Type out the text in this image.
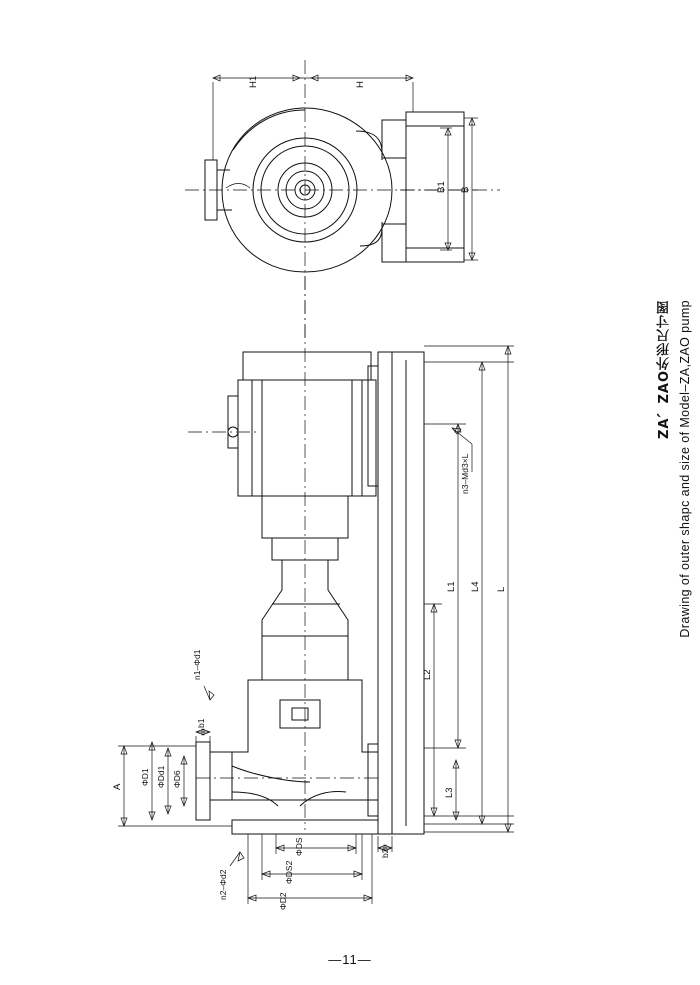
H1	H
B1 B
n3–Md3×L
L2
L1
L3
L4 L
A
ΦD1 ΦDd1 ΦD6
b1
n1–Φd1
ΦDS
ΦDS2
ΦD2
b2
n2–Φd2
ZA、ZAO外形尺寸图 Drawing of outer shapc and size of Model–ZA,ZAO pump
—11—
